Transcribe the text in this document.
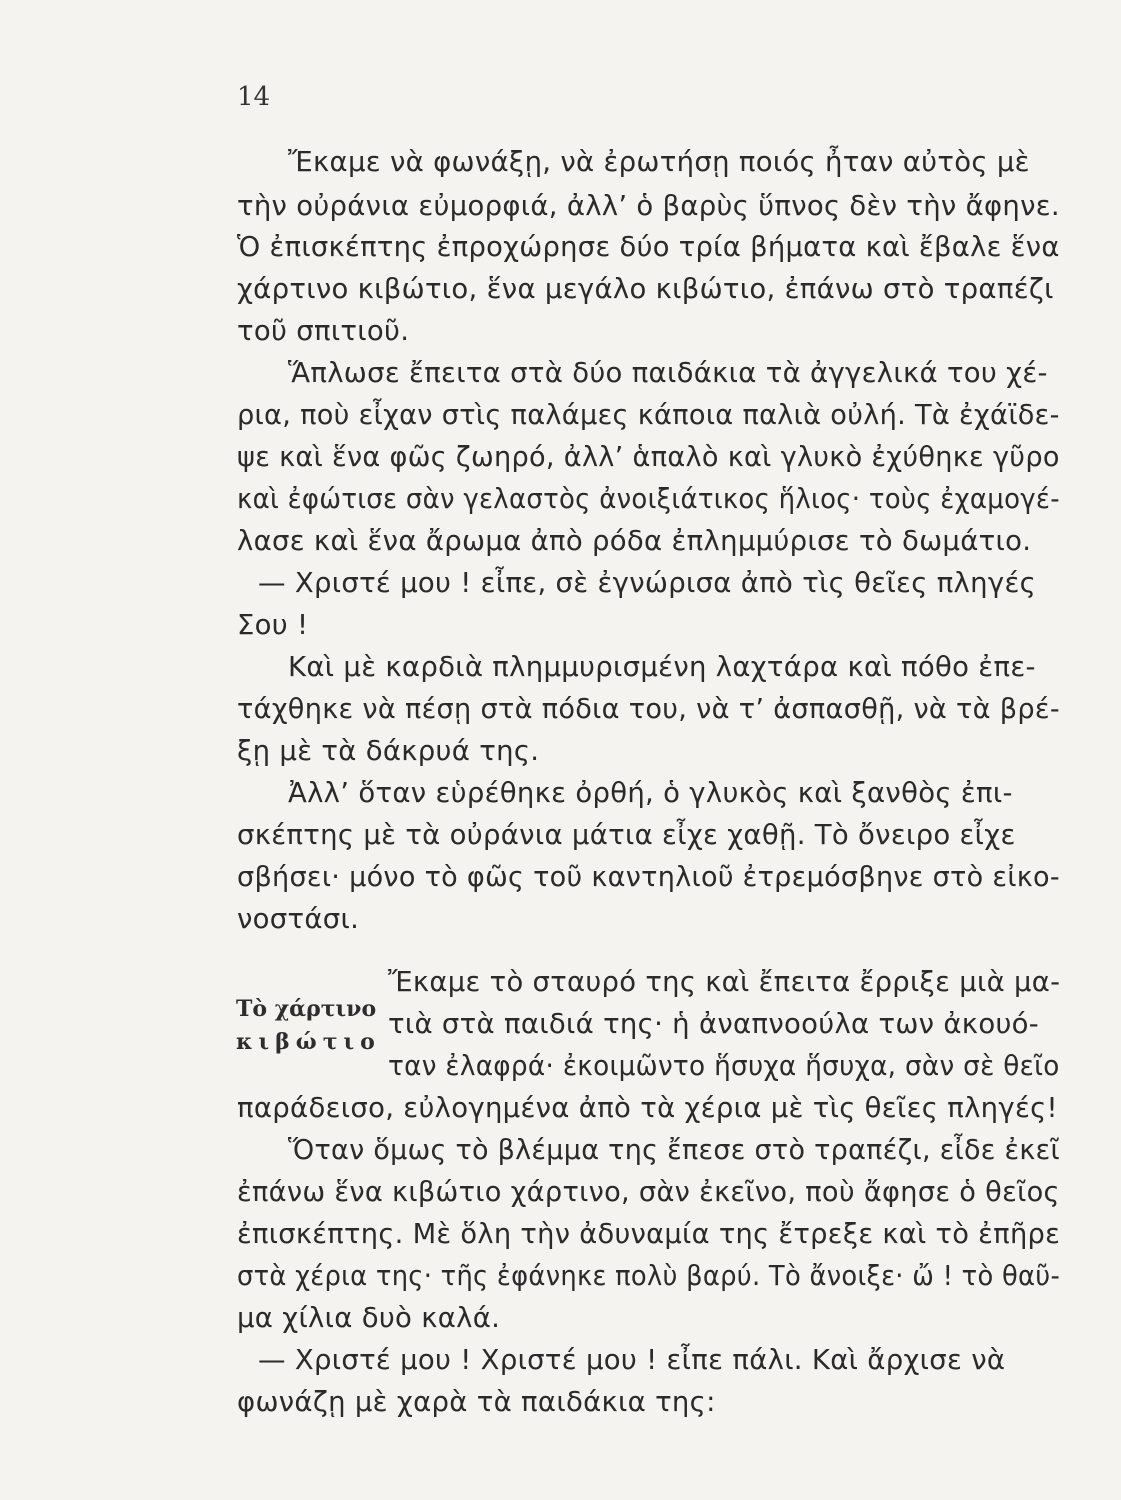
14
Ἔκαμε νὰ φωνάξῃ, νὰ ἐρωτήσῃ ποιός ἦταν αὐτὸς μὲ
τὴν οὐράνια εὐμορφιά, ἀλλ’ ὁ βαρὺς ὕπνος δὲν τὴν ἄφηνε.
Ὁ ἐπισκέπτης ἐπροχώρησε δύο τρία βήματα καὶ ἔβαλε ἕνα
χάρτινο κιβώτιο, ἕνα μεγάλο κιβώτιο, ἐπάνω στὸ τραπέζι
τοῦ σπιτιοῦ.
Ἅπλωσε ἔπειτα στὰ δύο παιδάκια τὰ ἀγγελικά του χέ-
ρια, ποὺ εἶχαν στὶς παλάμες κάποια παλιὰ οὐλή. Τὰ ἐχάϊδε-
ψε καὶ ἕνα φῶς ζωηρό, ἀλλ’ ἁπαλὸ καὶ γλυκὸ ἐχύθηκε γῦρο
καὶ ἐφώτισε σὰν γελαστὸς ἀνοιξιάτικος ἥλιος· τοὺς ἐχαμογέ-
λασε καὶ ἕνα ἄρωμα ἀπὸ ρόδα ἐπλημμύρισε τὸ δωμάτιο.
— Χριστέ μου ! εἶπε, σὲ ἐγνώρισα ἀπὸ τὶς θεῖες πληγές
Σου !
Καὶ μὲ καρδιὰ πλημμυρισμένη λαχτάρα καὶ πόθο ἐπε-
τάχθηκε νὰ πέσῃ στὰ πόδια του, νὰ τ’ ἀσπασθῇ, νὰ τὰ βρέ-
ξῃ μὲ τὰ δάκρυά της.
Ἀλλ’ ὅταν εὑρέθηκε ὀρθή, ὁ γλυκὸς καὶ ξανθὸς ἐπι-
σκέπτης μὲ τὰ οὐράνια μάτια εἶχε χαθῇ. Τὸ ὄνειρο εἶχε
σβήσει· μόνο τὸ φῶς τοῦ καντηλιοῦ ἐτρεμόσβηνε στὸ εἰκο-
νοστάσι.
Τὸ χάρτινο
κιβώτιο
Ἔκαμε τὸ σταυρό της καὶ ἔπειτα ἔρριξε μιὰ μα-
τιὰ στὰ παιδιά της· ἡ ἀναπνοούλα των ἀκουό-
ταν ἐλαφρά· ἐκοιμῶντο ἥσυχα ἥσυχα, σὰν σὲ θεῖο
παράδεισο, εὐλογημένα ἀπὸ τὰ χέρια μὲ τὶς θεῖες πληγές!
Ὅταν ὅμως τὸ βλέμμα της ἔπεσε στὸ τραπέζι, εἶδε ἐκεῖ
ἐπάνω ἕνα κιβώτιο χάρτινο, σὰν ἐκεῖνο, ποὺ ἄφησε ὁ θεῖος
ἐπισκέπτης. Μὲ ὅλη τὴν ἀδυναμία της ἔτρεξε καὶ τὸ ἐπῆρε
στὰ χέρια της· τῆς ἐφάνηκε πολὺ βαρύ. Τὸ ἄνοιξε· ὤ ! τὸ θαῦ-
μα χίλια δυὸ καλά.
— Χριστέ μου ! Χριστέ μου ! εἶπε πάλι. Καὶ ἄρχισε νὰ
φωνάζῃ μὲ χαρὰ τὰ παιδάκια της:
